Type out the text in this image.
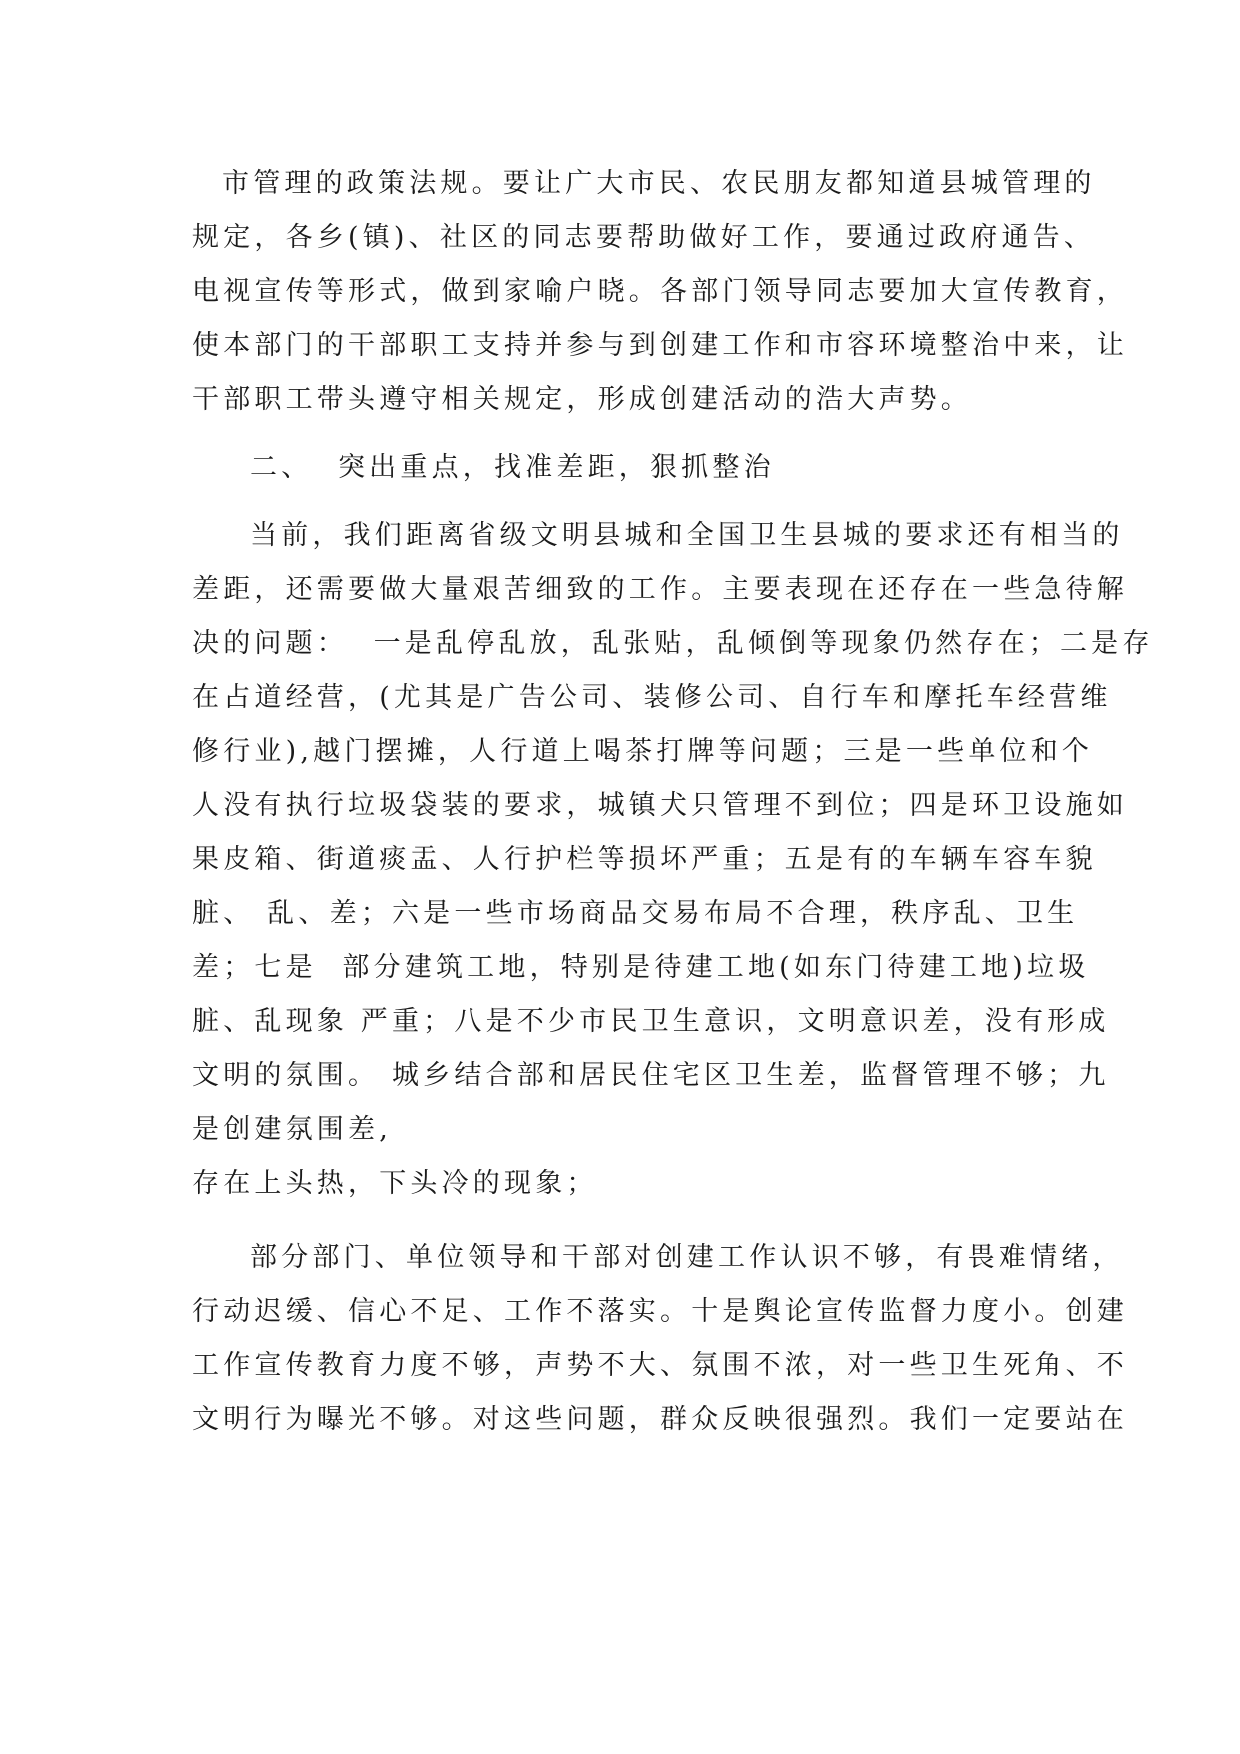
市管理的政策法规。要让广大市民、农民朋友都知道县城管理的
规定，各乡(镇)、社区的同志要帮助做好工作，要通过政府通告、
电视宣传等形式，做到家喻户晓。各部门领导同志要加大宣传教育，
使本部门的干部职工支持并参与到创建工作和市容环境整治中来，让
干部职工带头遵守相关规定，形成创建活动的浩大声势。
二、  突出重点，找准差距，狠抓整治
当前，我们距离省级文明县城和全国卫生县城的要求还有相当的
差距，还需要做大量艰苦细致的工作。主要表现在还存在一些急待解
决的问题：  一是乱停乱放，乱张贴，乱倾倒等现象仍然存在；二是存
在占道经营，(尤其是广告公司、装修公司、自行车和摩托车经营维
修行业),越门摆摊，人行道上喝茶打牌等问题；三是一些单位和个
人没有执行垃圾袋装的要求，城镇犬只管理不到位；四是环卫设施如
果皮箱、街道痰盂、人行护栏等损坏严重；五是有的车辆车容车貌
脏、 乱、差；六是一些市场商品交易布局不合理，秩序乱、卫生
差；七是  部分建筑工地，特别是待建工地(如东门待建工地)垃圾
脏、乱现象 严重；八是不少市民卫生意识，文明意识差，没有形成
文明的氛围。 城乡结合部和居民住宅区卫生差，监督管理不够；九
是创建氛围差,
存在上头热，下头冷的现象；
部分部门、单位领导和干部对创建工作认识不够，有畏难情绪，
行动迟缓、信心不足、工作不落实。十是舆论宣传监督力度小。创建
工作宣传教育力度不够，声势不大、氛围不浓，对一些卫生死角、不
文明行为曝光不够。对这些问题，群众反映很强烈。我们一定要站在
